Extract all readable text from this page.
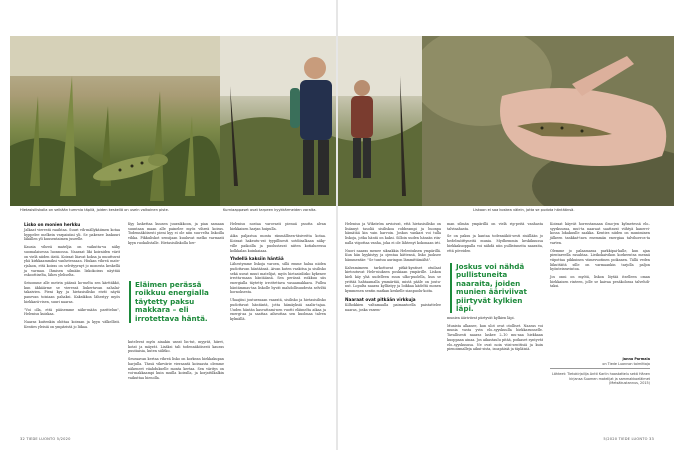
Hietasisiliskolla on selkään tummia täpliä, joiden keskellä on usein valkoinen piste.	Kurniaappaset ovat tarpeen kyykkärmeiden varalta.	Liskoon ei saa koskea välein, jotta se pudota häntäänsä.
Lisko on monien herkku

Jalkaat vierestä raaihtaa. Suuri vih-mällykäiimen kotaa hyppelee melkein varpaisiini yli. Se pakenee lankuuri läkällen yli kuusentaimen juurelle.

Kausia vihreä mateljia on vaikutta-va näky suomalaisessa luonnossa. Naaraat liki koiraiden värit on vielä niiden iästä. Koiraat liiavat koksa ja muuttuvat yhä kirkkaammiksi vanhetessaan. Hiukan vihreä mate-rjalaon, että koiras on selvityyrnyt jo monesta keskellä ja varmau. Ihmisen silmään liskokoiras näyttää eskoottiselta, lähes yleliselta.

Seisomme alle metrin päässä ko-melta sen kärttäkkö, kun äkkäärme se vieressä liukertavan sahalai-takaivien. Pieni kyy ja hietasisilisko eivät näytä panevan toisiaan pahaksi. Kaksikkoa lähestyy myös hiekkarä-risen, suuri naaras.

"Voi olla, että pääsemme näke-mään parittelun", Helenius kuiskaa.

Naaras kuitenkin ohittaa koiraan ja kyyn välkellisti. Kenties yleisiä on ympäristä jo liikaa.

Kyy laskettaa kuusen juuraikkoon, ja pian samaan suuntaan maan alle painelee myös vihreä koiras. Todennäköisesti pieni kyy ei ole niin suu-relta liskoilla vihka. Pikkuliskot sensijaan kuuluvat melko varmasti kyyn ruokalistalle. Hietasisiliskolla her-

Eläimen perässä roikkuu energialla täytetty paksu makkara – eli irrotettava häntä.

kutelevat myös ainakin useat lin-tut, myyrät, hiiret, kotat ja mäyrät. Lisäksi tali todennäköisesti kauras puutiaisia, kuten siilitko.

Seuraavan kertaa vihreä lisko on korkean hiekkakupan harjulla. Tässä vikevärie vieraantä koiraasta olemme näkeneet viiahdukselle monta kertaa. Sen väritys on voi-makkaampi kuin muilla koiralla, ja korjattilkalkin vaikuttaa hienolla.

Helenius nostaa varovasti pienuä puutta alvan hiekkaisen harjan huipulla.

Aika paljastua monta ränmällisen-täsiveitta kotaa. Koiraat hakeutu-vat tyypillisesti sotdiisalkaan näky-ville paikoilla ja puolustavat niiten kotialueessa kolkkalan kuinkaiaaa.

Yhdellä kaksiin häntää

Lähestymme liskoja varoen, sillä emme halua niiden pudottavan häntäänsä. Aivan kuten vaskitsa ja sisilisko sekä useat muut matelijat, myös hietasisilisko kykenee irrotta-maan häntäänsä. Sen perässä roikkuu siis energialla täytetty irrottettava vasaamakkara. Pullea häntämmas-taa liskolle hyvät mahdollisuudesta selviltä hornoksesta.

Uhaajiiui joutuessaan vaaratä, sisilisko ja hietasisilisko pudottavat häntäntä, jotta hämäyksiä saalis-tajaa. Uuden häntän kasvattami-nen vuotti eläimelta aikaa ja energi-aa ja saattaa aiheuttaa sen kuolmaa talven kylmällä.

Helenius ja Wikström arvioivat, että hietasisilisko on lisännyt tasoliä sisiliskoa robbeampi ja huonpa hämätää kin vain harvoin. Joskus vankari voi tulla liskoja, jotka häntä on kaksi. Silloin uuden hänsän riin-nalla viipottaa vanha, joka ei ole lähtenyt kokonaan irti.

Nuori naaras menee siksakkia Helentuksen ympärillä. Kun hän kyykistyy ja ojentaa kättensä, lisko juoksee hämmentäe: "Se tuntuu auringon lämmittämältä".

Kalvamimeen tarkottuvat pitkä-kyntiset otuilaat kietoutuvat Hele-niuksen poskiaan ympärille. Liskon kieli käy yhä uudelleen suun ulko-puolella, kun se yrittää hahtaamalla ymmärtää, mistä pääle on joutu-nut. Lopulta naaras kyllästyy ja loikkaa kädeltä monen kymmenen sentin matkan keskelle sianpuolu-koita.

Naaraat ovat pitkään virkkuja

Kilhokkien valtamaalla paimantoella paistattelee naaras, joska vasem-

man silmän ympärillä on vielä rip-peitä vanhasta talvinahasta.

Se on paksu ja kantaa todennäköi-sesti sisällään jo hedelmöittyneitä munia. Mydhemmin keskikuussa hiekkakuoppalla voi nähdä niin pullistuneita naaraita, että pöveiden

Joskus voi nähdä pullistuneita naaraita, joiden munien ääriviivat piirtyvät kylkien läpi.

munien ääriviivat piirtyvät kylkien läpi.

Munista alkanee, kun ulot ovat otolliset. Naaras voi munia vasta yvin elo–syyskuulla hiekkarunnelle. Tavallisesti naaras laskee 2–10 mu-naa hiekkaan kuoppaan ainaa. Jos aikastaulu pitää, poikaset syntyvät elo–syyskuussa. Ne ovat noin viisi-senttisiä ja kuin pienoismalleja aikui-sista, isoapäisiä ja täpläisiä.

Koiraat käyvät horrostamaan ilmo-jen kylmetessä elo–syyskuussa, mut-ta naaraat saattavat viihtyä kanervi-kossa lokakuulle saakka. Kenties niiden on muniminen jälkeen tankkat-tava enemmän energiaa talvihorros-ta varten.

Olemme jo palaamassa parkkipai-kalle, kun ajan pientareella rasahtaa. Lieikokaivikon korkeentsa mennä viipottaa pikkuinen viimevuotinen poikanen. Tällä veden liikuttäitä sille on varmaankin tarjolla paljon hyönteisravintoa.

Jos onni on myötä, liskon löytää itselleen oman hiekkaisen rinteen, jolle se kaivaa pesäkolossa talvehdi-taksi.

Janna Parmala
on Tiede Luonnon toimittaja
Lähteet: Tietokirjailija Antti Karlin haastattelu sekä Hänen kirjansa Suomen matelijat ja sammakkoeläimet (Metsäkustannus, 2015)
32 TIEDE LUONTO 5/2020	5/2020 TIEDE LUONTO 33
